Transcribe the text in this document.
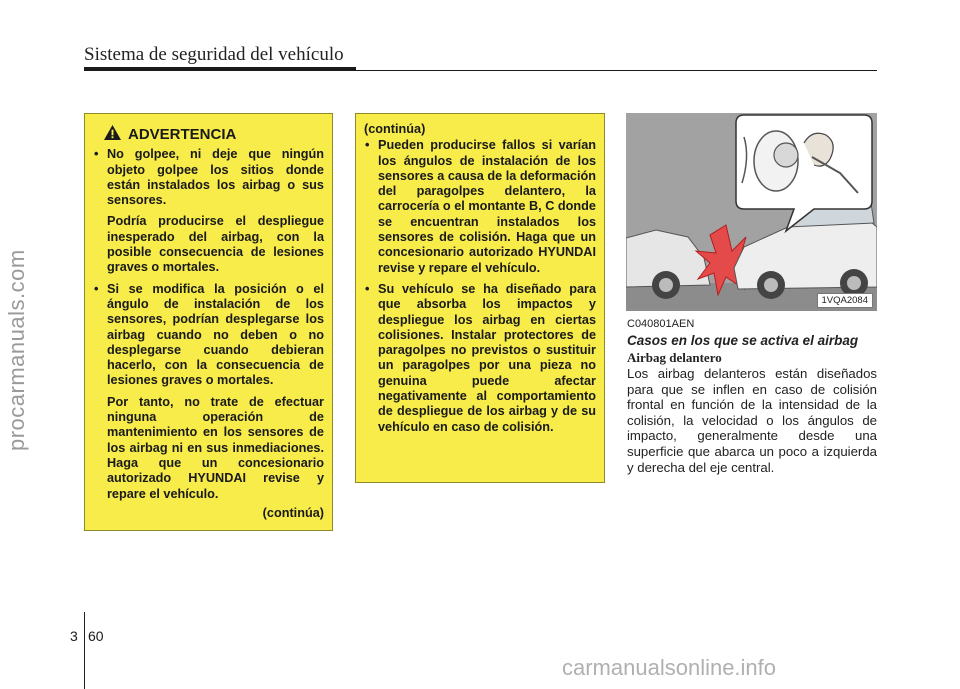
Sistema de seguridad del vehículo
procarmanuals.com
ADVERTENCIA
• No golpee, ni deje que ningún objeto golpee los sitios donde están instalados los airbag o sus sensores.

Podría producirse el despliegue inesperado del airbag, con la posible consecuencia de lesiones graves o mortales.

• Si se modifica la posición o el ángulo de instalación de los sensores, podrían desplegarse los airbag cuando no deben o no desplegarse cuando debieran hacerlo, con la consecuencia de lesiones graves o mortales.

Por tanto, no trate de efectuar ninguna operación de mantenimiento en los sensores de los airbag ni en sus inmediaciones. Haga que un concesionario autorizado HYUNDAI revise y repare el vehículo.

(continúa)
(continúa)
• Pueden producirse fallos si varían los ángulos de instalación de los sensores a causa de la deformación del paragolpes delantero, la carrocería o el montante B, C donde se encuentran instalados los sensores de colisión. Haga que un concesionario autorizado HYUNDAI revise y repare el vehículo.

• Su vehículo se ha diseñado para que absorba los impactos y despliegue los airbag en ciertas colisiones. Instalar protectores de paragolpes no previstos o sustituir un paragolpes por una pieza no genuina puede afectar negativamente al comportamiento de despliegue de los airbag y de su vehículo en caso de colisión.

1VQA2084
C040801AEN
Casos en los que se activa el airbag
Airbag delantero
Los airbag delanteros están diseñados para que se inflen en caso de colisión frontal en función de la intensidad de la colisión, la velocidad o los ángulos de impacto, generalmente desde una superficie que abarca un poco a izquierda y derecha del eje central.
3 60
carmanualsonline.info
